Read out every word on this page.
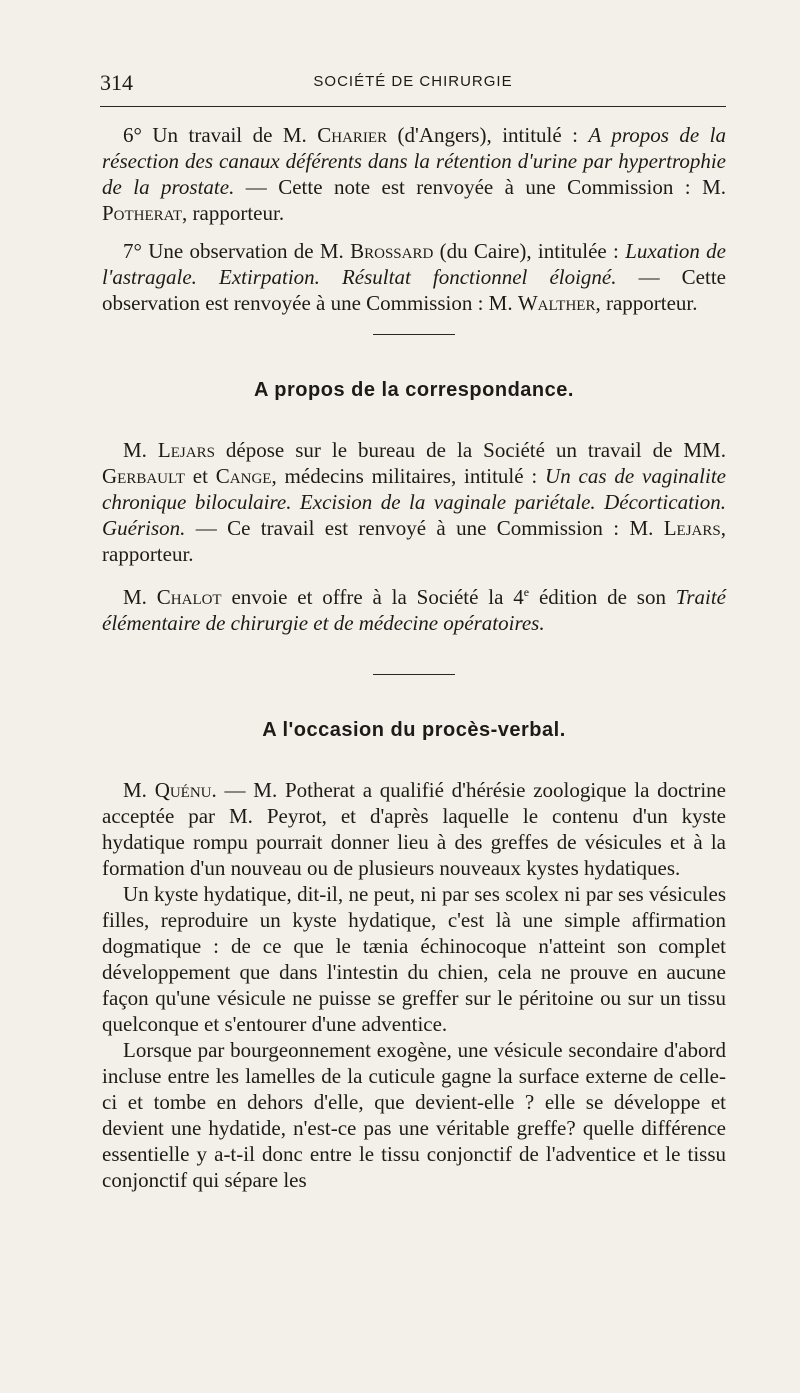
314	SOCIÉTÉ DE CHIRURGIE

6° Un travail de M. Charier (d'Angers), intitulé : A propos de la résection des canaux déférents dans la rétention d'urine par hypertrophie de la prostate. — Cette note est renvoyée à une Commission : M. Potherat, rapporteur.

7° Une observation de M. Brossard (du Caire), intitulée : Luxation de l'astragale. Extirpation. Résultat fonctionnel éloigné. — Cette observation est renvoyée à une Commission : M. Walther, rapporteur.

A propos de la correspondance.

M. Lejars dépose sur le bureau de la Société un travail de MM. Gerbault et Cange, médecins militaires, intitulé : Un cas de vaginalite chronique biloculaire. Excision de la vaginale pariétale. Décortication. Guérison. — Ce travail est renvoyé à une Commission : M. Lejars, rapporteur.

M. Chalot envoie et offre à la Société la 4e édition de son Traité élémentaire de chirurgie et de médecine opératoires.

A l'occasion du procès-verbal.

M. Quénu. — M. Potherat a qualifié d'hérésie zoologique la doctrine acceptée par M. Peyrot, et d'après laquelle le contenu d'un kyste hydatique rompu pourrait donner lieu à des greffes de vésicules et à la formation d'un nouveau ou de plusieurs nouveaux kystes hydatiques.

Un kyste hydatique, dit-il, ne peut, ni par ses scolex ni par ses vésicules filles, reproduire un kyste hydatique, c'est là une simple affirmation dogmatique : de ce que le tænia échinocoque n'atteint son complet développement que dans l'intestin du chien, cela ne prouve en aucune façon qu'une vésicule ne puisse se greffer sur le péritoine ou sur un tissu quelconque et s'entourer d'une adventice.

Lorsque par bourgeonnement exogène, une vésicule secondaire d'abord incluse entre les lamelles de la cuticule gagne la surface externe de celle-ci et tombe en dehors d'elle, que devient-elle ? elle se développe et devient une hydatide, n'est-ce pas une véritable greffe? quelle différence essentielle y a-t-il donc entre le tissu conjonctif de l'adventice et le tissu conjonctif qui sépare les
